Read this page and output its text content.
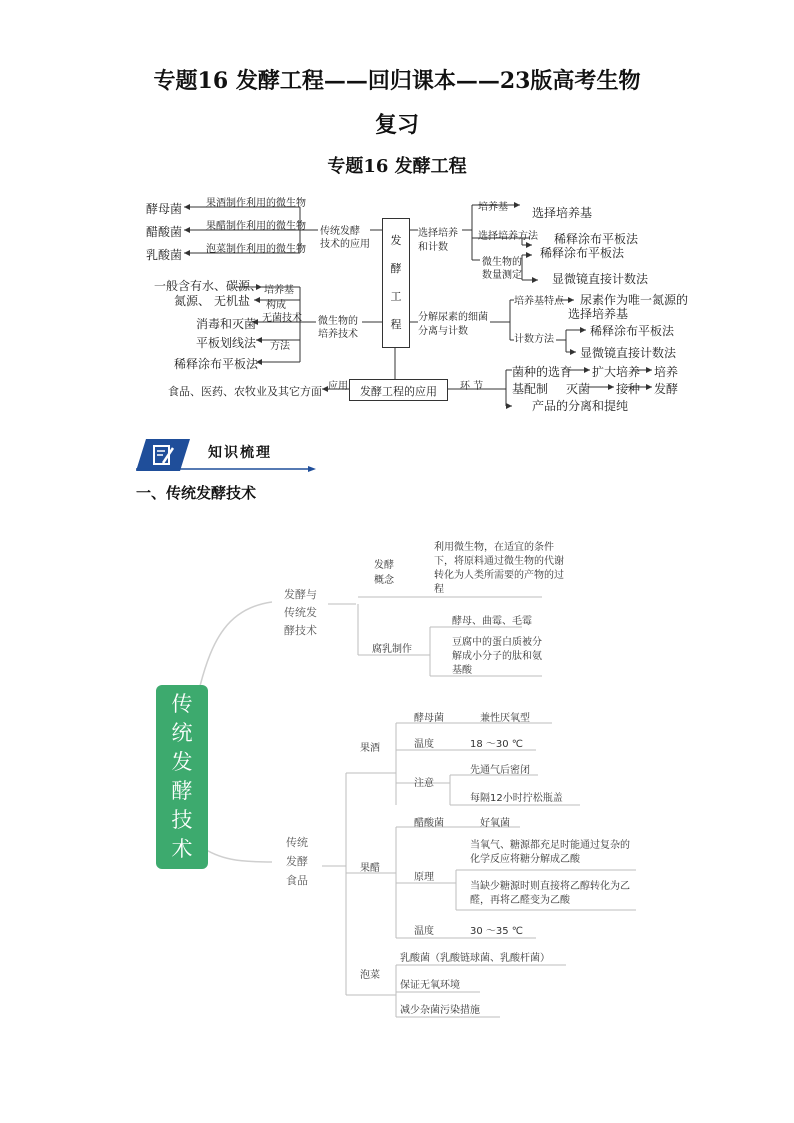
专题16 发酵工程——回归课本——23版高考生物
复习
专题16 发酵工程
酵母菌
醋酸菌
乳酸菌
果酒制作利用的微生物
果醋制作利用的微生物
泡菜制作利用的微生物
传统发酵
技术的应用
一般含有水、碳源、
氮源、 无机盐
培养基
构成
无菌技术
消毒和灭菌
平板划线法
稀释涂布平板法
方法
微生物的
培养技术
食品、医药、农牧业及其它方面 应用
发
酵
工
程
发酵工程的应用
选择培养
和计数
培养基 选择培养基
选择培养方法 稀释涂布平板法
微生物的
数量测定
稀释涂布平板法
显微镜直接计数法
分解尿素的细菌
分离与计数
培养基特点 尿素作为唯一氮源的
选择培养基
计数方法
稀释涂布平板法
显微镜直接计数法
环 节
菌种的选育 扩大培养 培养
基配制 灭菌 接种 发酵
产品的分离和提纯
知识梳理
一、传统发酵技术
传
统
发
酵
技
术
发酵与
传统发
酵技术
发酵
概念
利用微生物，在适宜的条件下，将原料通过微生物的代谢转化为人类所需要的产物的过程
腐乳制作
酵母、曲霉、毛霉
豆腐中的蛋白质被分解成小分子的肽和氨基酸
传统
发酵
食品
果酒
酵母菌	兼性厌氧型
温度	18 ～30 ℃
注意
先通气后密闭
每隔12小时拧松瓶盖
果醋
醋酸菌	好氧菌
原理
当氧气、糖源都充足时能通过复杂的化学反应将糖分解成乙酸
当缺少糖源时则直接将乙醇转化为乙醛，再将乙醛变为乙酸
温度	30 ～35 ℃
泡菜
乳酸菌（乳酸链球菌、乳酸杆菌）
保证无氧环境
减少杂菌污染措施
